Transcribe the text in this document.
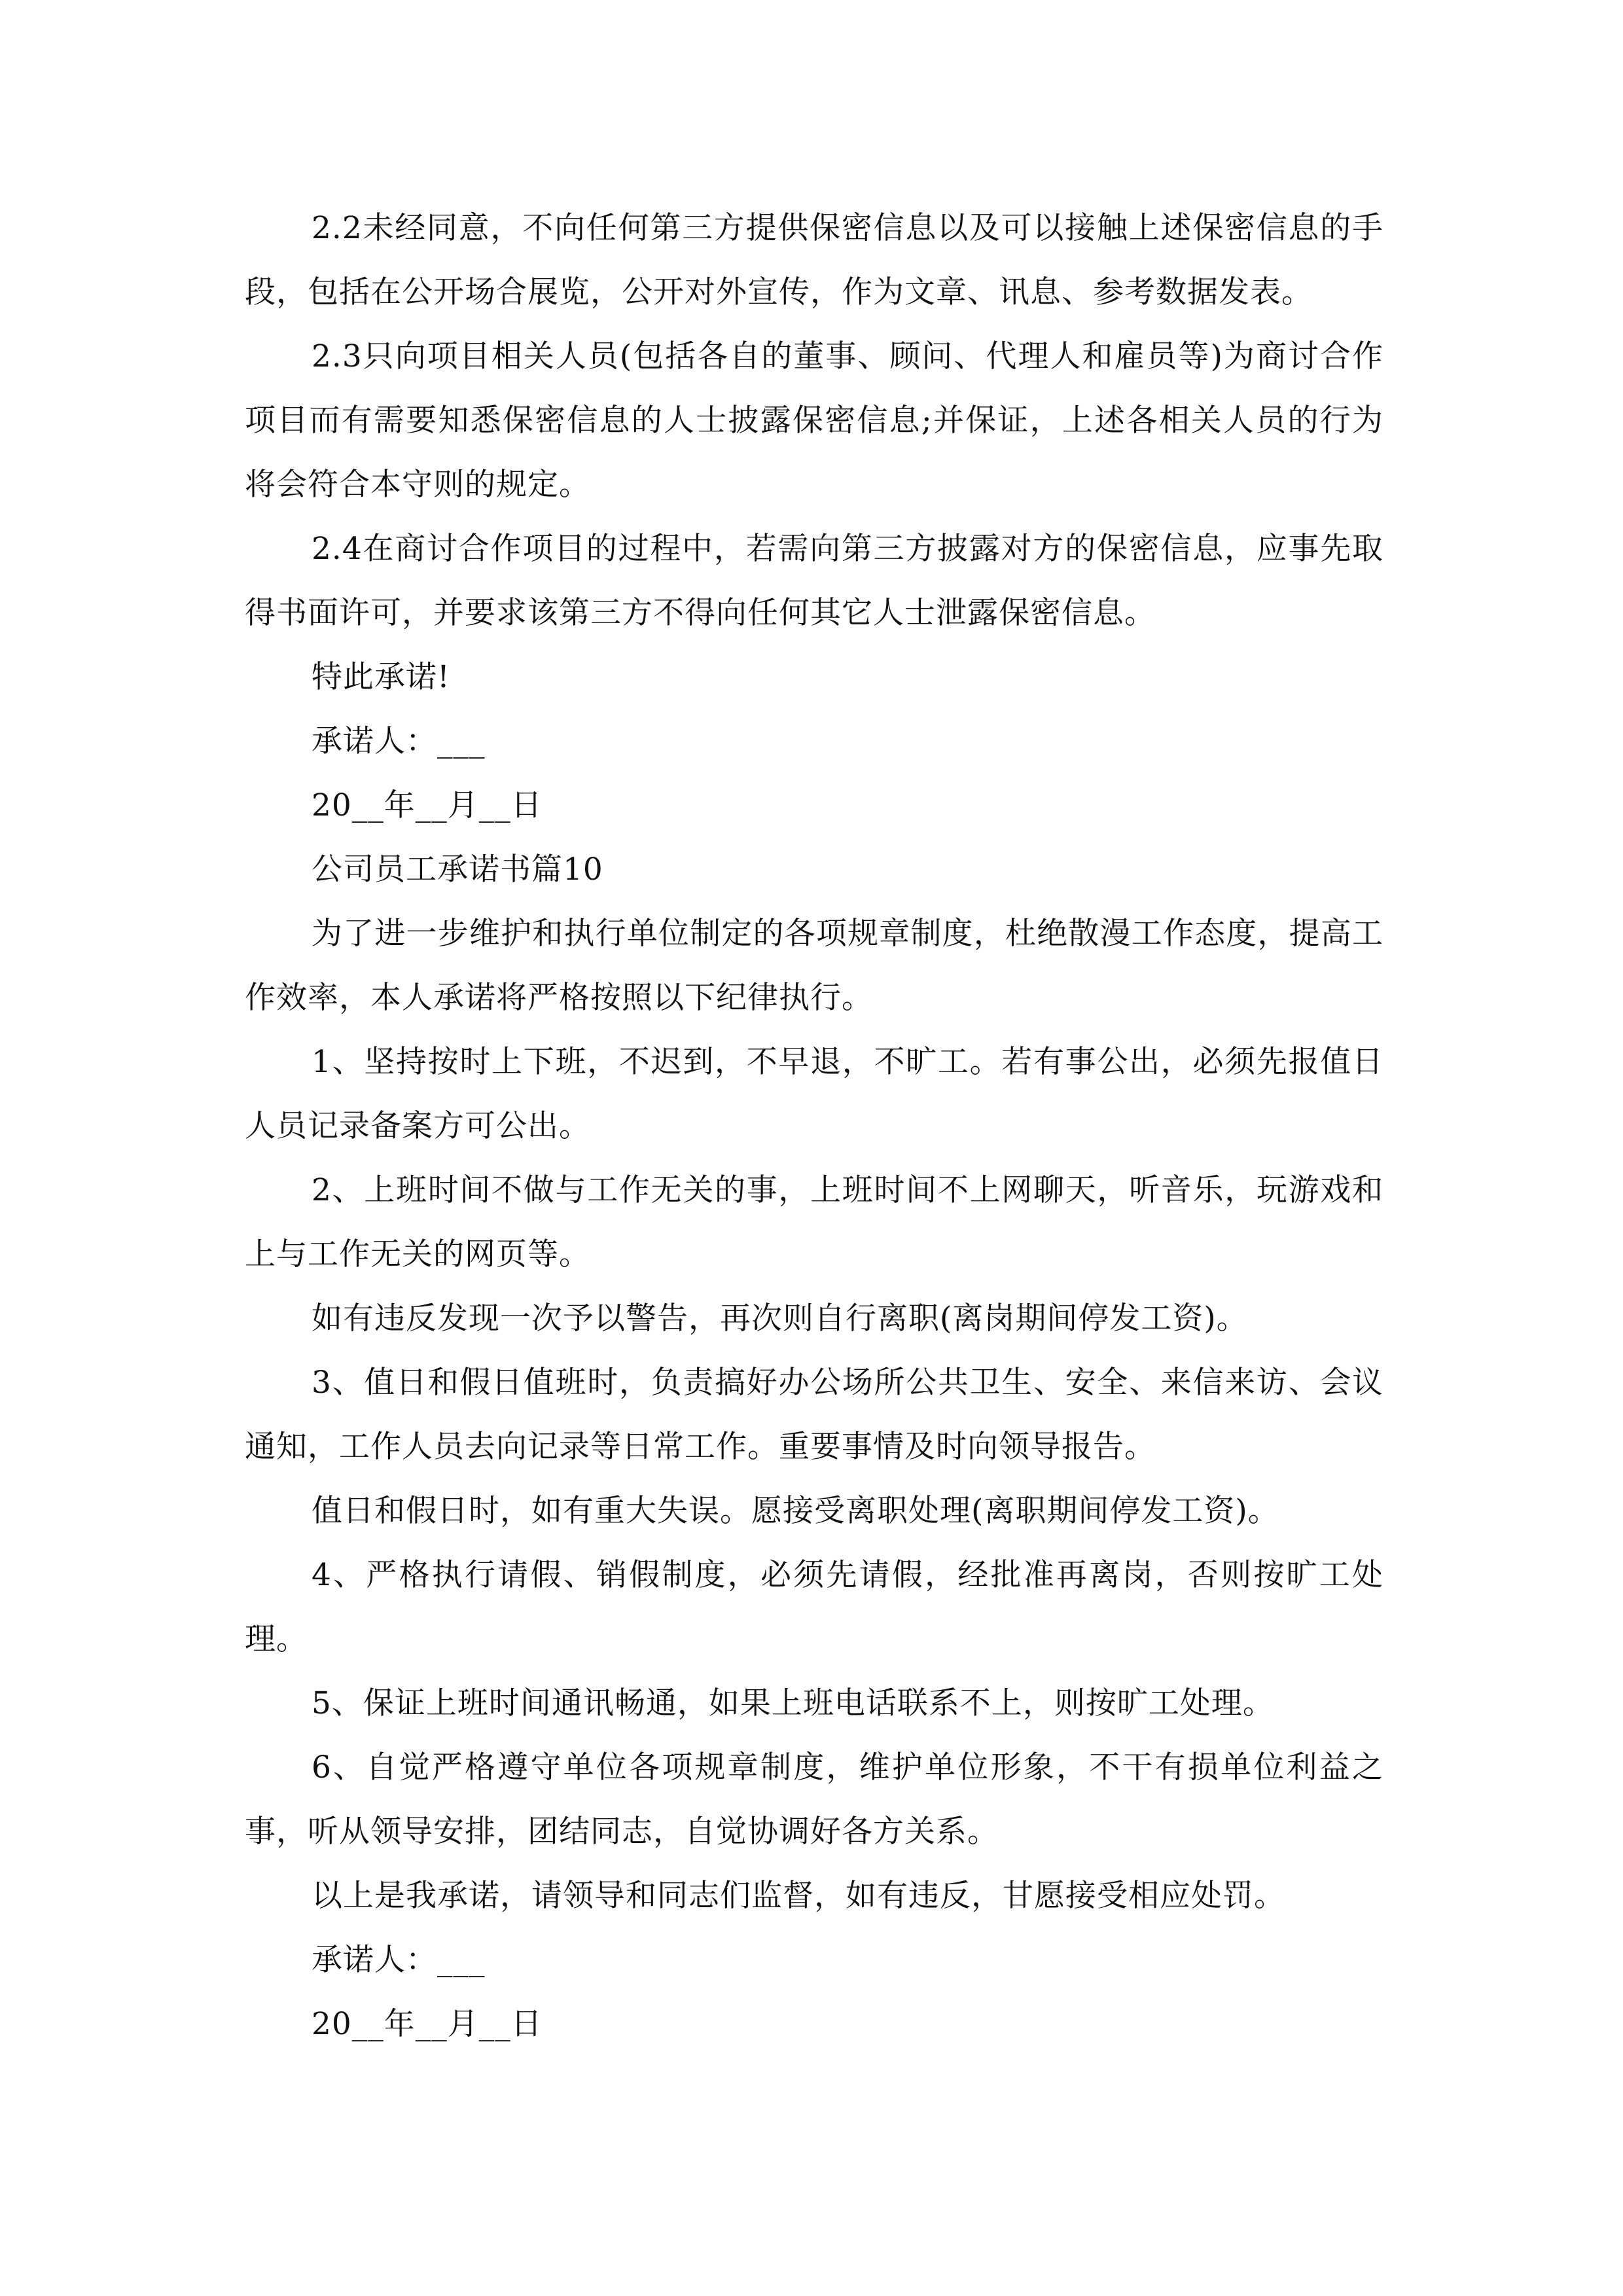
2.2未经同意，不向任何第三方提供保密信息以及可以接触上述保密信息的手段，包括在公开场合展览，公开对外宣传，作为文章、讯息、参考数据发表。

2.3只向项目相关人员(包括各自的董事、顾问、代理人和雇员等)为商讨合作项目而有需要知悉保密信息的人士披露保密信息;并保证，上述各相关人员的行为将会符合本守则的规定。

2.4在商讨合作项目的过程中，若需向第三方披露对方的保密信息，应事先取得书面许可，并要求该第三方不得向任何其它人士泄露保密信息。

特此承诺!

承诺人：___

20__年__月__日

公司员工承诺书篇10

为了进一步维护和执行单位制定的各项规章制度，杜绝散漫工作态度，提高工作效率，本人承诺将严格按照以下纪律执行。

1、坚持按时上下班，不迟到，不早退，不旷工。若有事公出，必须先报值日人员记录备案方可公出。

2、上班时间不做与工作无关的事，上班时间不上网聊天，听音乐，玩游戏和上与工作无关的网页等。

如有违反发现一次予以警告，再次则自行离职(离岗期间停发工资)。

3、值日和假日值班时，负责搞好办公场所公共卫生、安全、来信来访、会议通知，工作人员去向记录等日常工作。重要事情及时向领导报告。

值日和假日时，如有重大失误。愿接受离职处理(离职期间停发工资)。

4、严格执行请假、销假制度，必须先请假，经批准再离岗，否则按旷工处理。

5、保证上班时间通讯畅通，如果上班电话联系不上，则按旷工处理。

6、自觉严格遵守单位各项规章制度，维护单位形象，不干有损单位利益之事，听从领导安排，团结同志，自觉协调好各方关系。

以上是我承诺，请领导和同志们监督，如有违反，甘愿接受相应处罚。

承诺人：___

20__年__月__日
